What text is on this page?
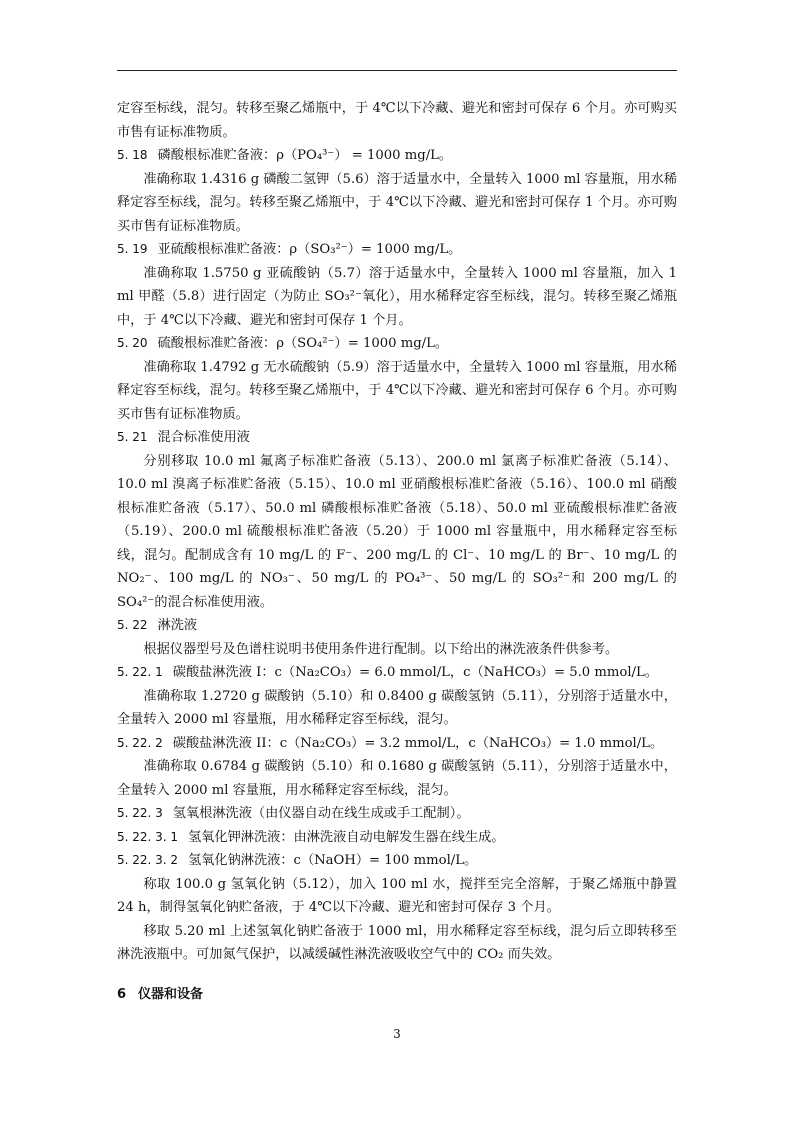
定容至标线，混匀。转移至聚乙烯瓶中，于 4℃以下冷藏、避光和密封可保存 6 个月。亦可购买市售有证标准物质。

5. 18 磷酸根标准贮备液：ρ（PO₄³⁻） = 1000 mg/L。

准确称取 1.4316 g 磷酸二氢钾（5.6）溶于适量水中，全量转入 1000 ml 容量瓶，用水稀释定容至标线，混匀。转移至聚乙烯瓶中，于 4℃以下冷藏、避光和密封可保存 1 个月。亦可购买市售有证标准物质。

5. 19 亚硫酸根标准贮备液：ρ（SO₃²⁻）= 1000 mg/L。

准确称取 1.5750 g 亚硫酸钠（5.7）溶于适量水中，全量转入 1000 ml 容量瓶，加入 1 ml 甲醛（5.8）进行固定（为防止 SO₃²⁻氧化），用水稀释定容至标线，混匀。转移至聚乙烯瓶中，于 4℃以下冷藏、避光和密封可保存 1 个月。

5. 20 硫酸根标准贮备液：ρ（SO₄²⁻）= 1000 mg/L。

准确称取 1.4792 g 无水硫酸钠（5.9）溶于适量水中，全量转入 1000 ml 容量瓶，用水稀释定容至标线，混匀。转移至聚乙烯瓶中，于 4℃以下冷藏、避光和密封可保存 6 个月。亦可购买市售有证标准物质。

5. 21 混合标准使用液

分别移取 10.0 ml 氟离子标准贮备液（5.13）、200.0 ml 氯离子标准贮备液（5.14）、10.0 ml 溴离子标准贮备液（5.15）、10.0 ml 亚硝酸根标准贮备液（5.16）、100.0 ml 硝酸根标准贮备液（5.17）、50.0 ml 磷酸根标准贮备液（5.18）、50.0 ml 亚硫酸根标准贮备液（5.19）、200.0 ml 硫酸根标准贮备液（5.20）于 1000 ml 容量瓶中，用水稀释定容至标线，混匀。配制成含有 10 mg/L 的 F⁻、200 mg/L 的 Cl⁻、10 mg/L 的 Br⁻、10 mg/L 的 NO₂⁻、100 mg/L 的 NO₃⁻、50 mg/L 的 PO₄³⁻、50 mg/L 的 SO₃²⁻和 200 mg/L 的 SO₄²⁻的混合标准使用液。

5. 22 淋洗液

根据仪器型号及色谱柱说明书使用条件进行配制。以下给出的淋洗液条件供参考。

5. 22. 1 碳酸盐淋洗液 I：c（Na₂CO₃）= 6.0 mmol/L，c（NaHCO₃）= 5.0 mmol/L。

准确称取 1.2720 g 碳酸钠（5.10）和 0.8400 g 碳酸氢钠（5.11），分别溶于适量水中，全量转入 2000 ml 容量瓶，用水稀释定容至标线，混匀。

5. 22. 2 碳酸盐淋洗液 II：c（Na₂CO₃）= 3.2 mmol/L，c（NaHCO₃）= 1.0 mmol/L。

准确称取 0.6784 g 碳酸钠（5.10）和 0.1680 g 碳酸氢钠（5.11），分别溶于适量水中，全量转入 2000 ml 容量瓶，用水稀释定容至标线，混匀。

5. 22. 3 氢氧根淋洗液（由仪器自动在线生成或手工配制）。

5. 22. 3. 1 氢氧化钾淋洗液：由淋洗液自动电解发生器在线生成。

5. 22. 3. 2 氢氧化钠淋洗液：c（NaOH）= 100 mmol/L。

称取 100.0 g 氢氧化钠（5.12），加入 100 ml 水，搅拌至完全溶解，于聚乙烯瓶中静置 24 h，制得氢氧化钠贮备液，于 4℃以下冷藏、避光和密封可保存 3 个月。

移取 5.20 ml 上述氢氧化钠贮备液于 1000 ml，用水稀释定容至标线，混匀后立即转移至淋洗液瓶中。可加氮气保护，以减缓碱性淋洗液吸收空气中的 CO₂ 而失效。

6 仪器和设备

3
